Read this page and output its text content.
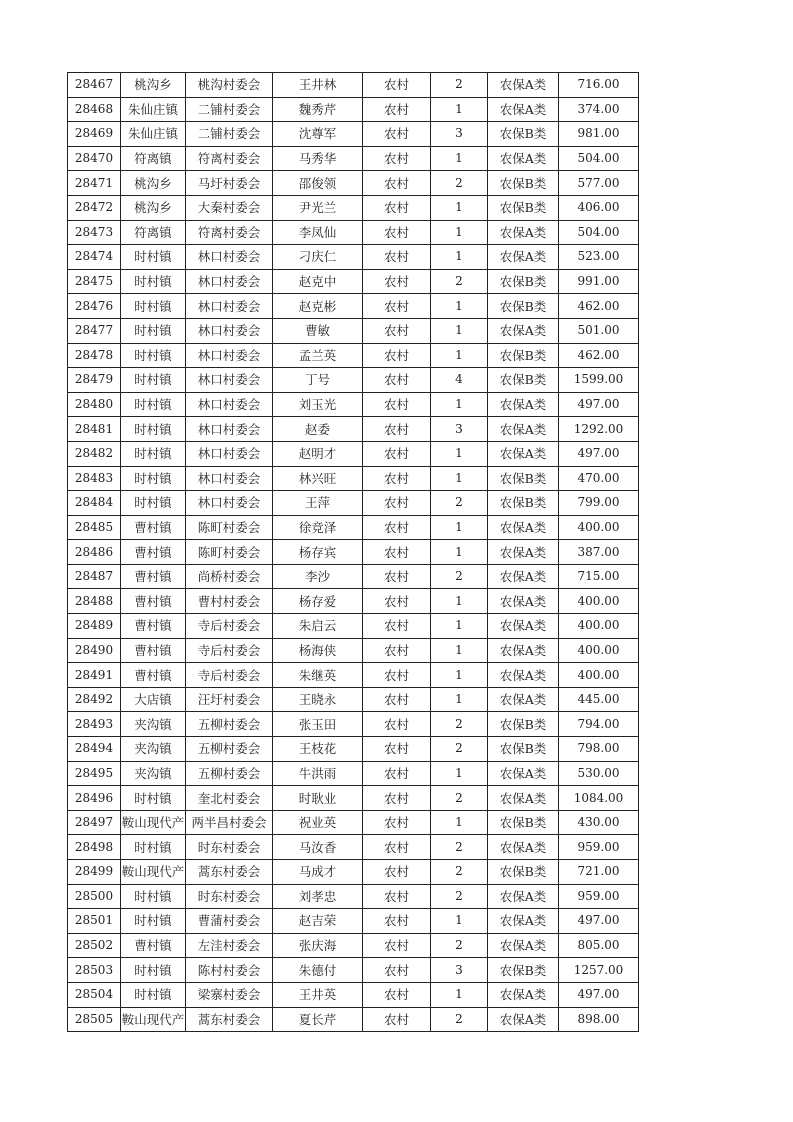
28467	桃沟乡	桃沟村委会	王井林	农村	2	农保A类	716.00
28468	朱仙庄镇	二铺村委会	魏秀芹	农村	1	农保A类	374.00
28469	朱仙庄镇	二铺村委会	沈尊军	农村	3	农保B类	981.00
28470	符离镇	符离村委会	马秀华	农村	1	农保A类	504.00
28471	桃沟乡	马圩村委会	邵俊领	农村	2	农保B类	577.00
28472	桃沟乡	大秦村委会	尹光兰	农村	1	农保B类	406.00
28473	符离镇	符离村委会	李凤仙	农村	1	农保A类	504.00
28474	时村镇	林口村委会	刁庆仁	农村	1	农保A类	523.00
28475	时村镇	林口村委会	赵克中	农村	2	农保B类	991.00
28476	时村镇	林口村委会	赵克彬	农村	1	农保B类	462.00
28477	时村镇	林口村委会	曹敏	农村	1	农保A类	501.00
28478	时村镇	林口村委会	孟兰英	农村	1	农保B类	462.00
28479	时村镇	林口村委会	丁号	农村	4	农保B类	1599.00
28480	时村镇	林口村委会	刘玉光	农村	1	农保A类	497.00
28481	时村镇	林口村委会	赵委	农村	3	农保A类	1292.00
28482	时村镇	林口村委会	赵明才	农村	1	农保A类	497.00
28483	时村镇	林口村委会	林兴旺	农村	1	农保B类	470.00
28484	时村镇	林口村委会	王萍	农村	2	农保B类	799.00
28485	曹村镇	陈町村委会	徐竞泽	农村	1	农保A类	400.00
28486	曹村镇	陈町村委会	杨存宾	农村	1	农保A类	387.00
28487	曹村镇	尚桥村委会	李沙	农村	2	农保A类	715.00
28488	曹村镇	曹村村委会	杨存爱	农村	1	农保A类	400.00
28489	曹村镇	寺后村委会	朱启云	农村	1	农保A类	400.00
28490	曹村镇	寺后村委会	杨海侠	农村	1	农保A类	400.00
28491	曹村镇	寺后村委会	朱继英	农村	1	农保A类	400.00
28492	大店镇	汪圩村委会	王晓永	农村	1	农保A类	445.00
28493	夹沟镇	五柳村委会	张玉田	农村	2	农保B类	794.00
28494	夹沟镇	五柳村委会	王枝花	农村	2	农保B类	798.00
28495	夹沟镇	五柳村委会	牛洪雨	农村	1	农保A类	530.00
28496	时村镇	奎北村委会	时耿业	农村	2	农保A类	1084.00
28497	鞍山现代产	两半昌村委会	祝业英	农村	1	农保B类	430.00
28498	时村镇	时东村委会	马汝香	农村	2	农保A类	959.00
28499	鞍山现代产	蒿东村委会	马成才	农村	2	农保B类	721.00
28500	时村镇	时东村委会	刘孝忠	农村	2	农保A类	959.00
28501	时村镇	曹蒲村委会	赵吉荣	农村	1	农保A类	497.00
28502	曹村镇	左洼村委会	张庆海	农村	2	农保A类	805.00
28503	时村镇	陈村村委会	朱德付	农村	3	农保B类	1257.00
28504	时村镇	梁寨村委会	王井英	农村	1	农保A类	497.00
28505	鞍山现代产	蒿东村委会	夏长芹	农村	2	农保A类	898.00
